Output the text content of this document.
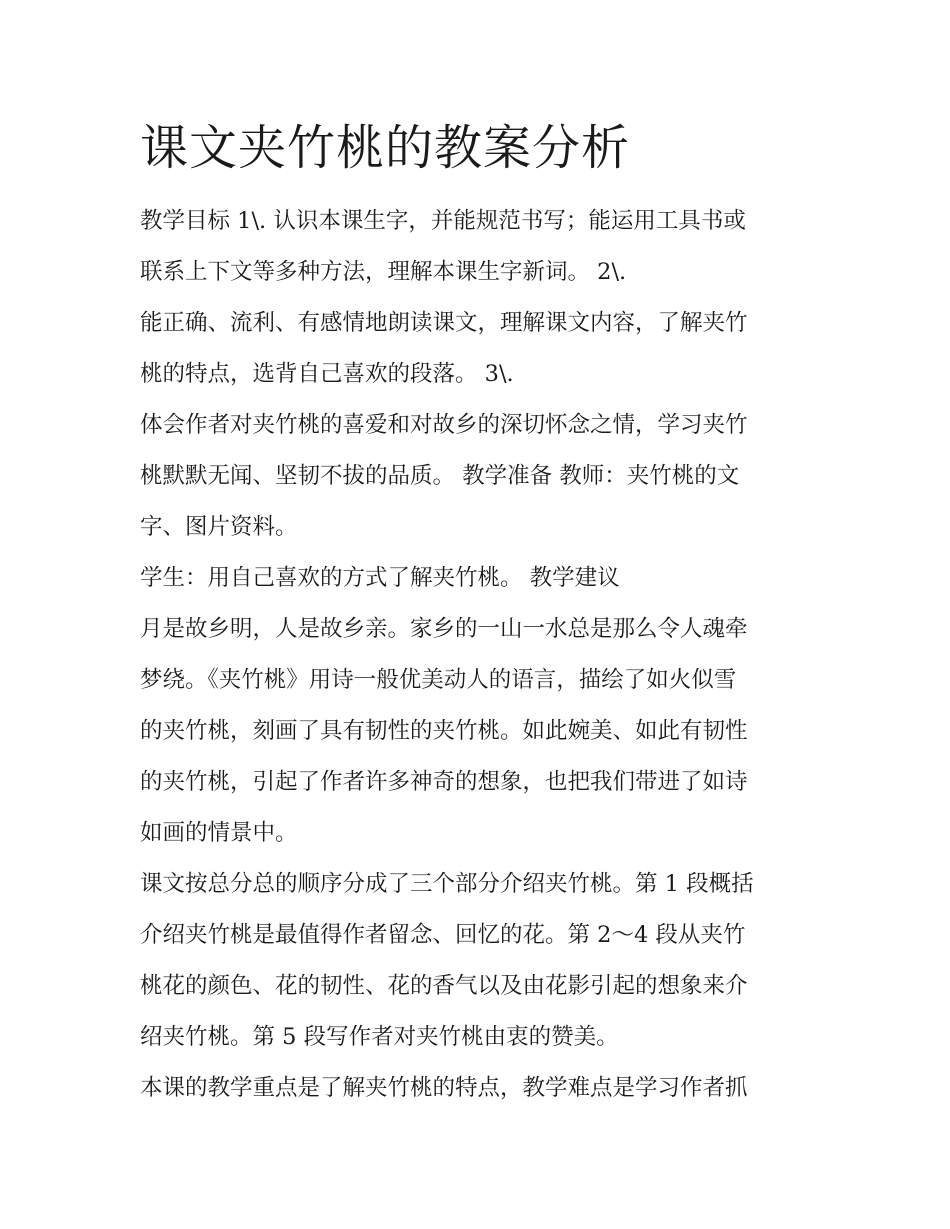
课文夹竹桃的教案分析
教学目标 1\. 认识本课生字，并能规范书写；能运用工具书或
联系上下文等多种方法，理解本课生字新词。 2\.
能正确、流利、有感情地朗读课文，理解课文内容，了解夹竹
桃的特点，选背自己喜欢的段落。 3\.
体会作者对夹竹桃的喜爱和对故乡的深切怀念之情，学习夹竹
桃默默无闻、坚韧不拔的品质。 教学准备 教师：夹竹桃的文
字、图片资料。
学生：用自己喜欢的方式了解夹竹桃。 教学建议
月是故乡明，人是故乡亲。家乡的一山一水总是那么令人魂牵
梦绕。《夹竹桃》用诗一般优美动人的语言，描绘了如火似雪
的夹竹桃，刻画了具有韧性的夹竹桃。如此婉美、如此有韧性
的夹竹桃，引起了作者许多神奇的想象，也把我们带进了如诗
如画的情景中。
课文按总分总的顺序分成了三个部分介绍夹竹桃。第 1 段概括
介绍夹竹桃是最值得作者留念、回忆的花。第 2～4 段从夹竹
桃花的颜色、花的韧性、花的香气以及由花影引起的想象来介
绍夹竹桃。第 5 段写作者对夹竹桃由衷的赞美。
本课的教学重点是了解夹竹桃的特点，教学难点是学习作者抓
